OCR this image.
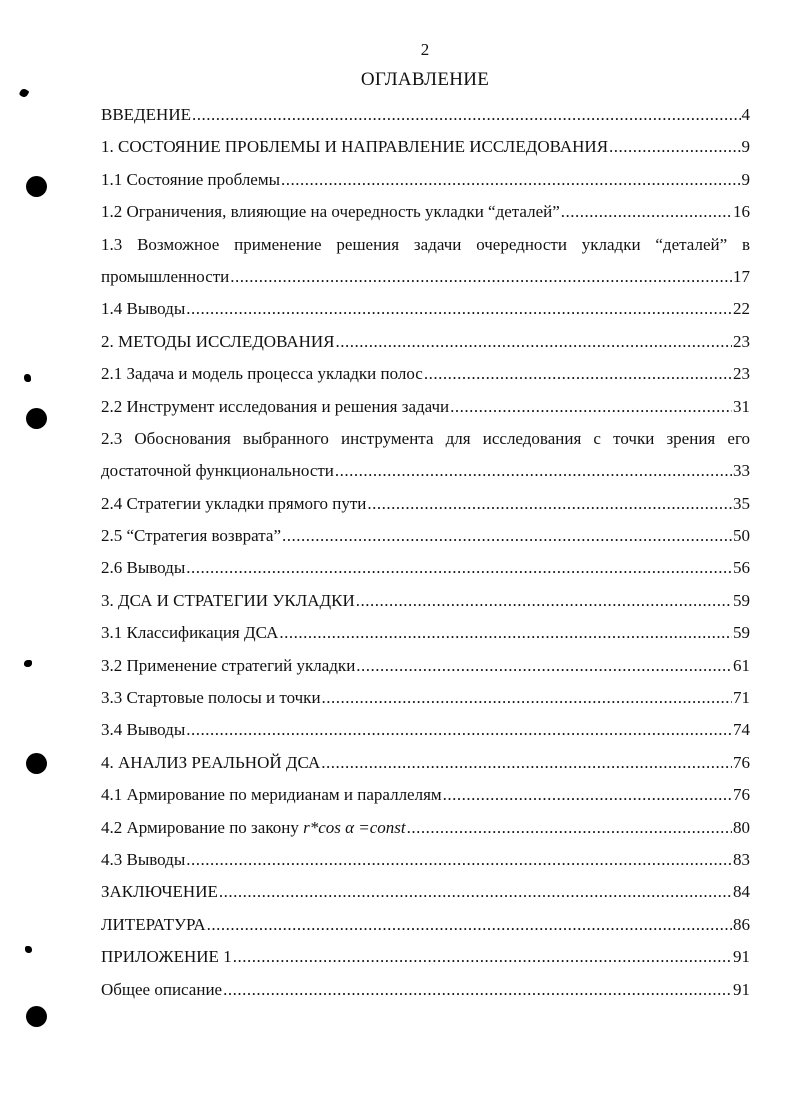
2
ОГЛАВЛЕНИЕ
ВВЕДЕНИЕ .....	4
1. СОСТОЯНИЕ ПРОБЛЕМЫ И НАПРАВЛЕНИЕ ИССЛЕДОВАНИЯ .....	9
1.1 Состояние проблемы .....	9
1.2 Ограничения, влияющие на очередность укладки “деталей” .....	16
1.3 Возможное применение решения задачи очередности укладки “деталей” в
промышленности .....	17
1.4 Выводы .....	22
2. МЕТОДЫ ИССЛЕДОВАНИЯ .....	23
2.1 Задача и модель процесса укладки полос .....	23
2.2 Инструмент исследования и решения задачи .....	31
2.3 Обоснования выбранного инструмента для исследования с точки зрения его
достаточной функциональности .....	33
2.4 Стратегии укладки прямого пути .....	35
2.5 “Стратегия возврата” .....	50
2.6 Выводы .....	56
3. ДСА И СТРАТЕГИИ УКЛАДКИ .....	59
3.1 Классификация ДСА .....	59
3.2 Применение стратегий укладки .....	61
3.3 Стартовые полосы и точки .....	71
3.4 Выводы .....	74
4. АНАЛИЗ РЕАЛЬНОЙ ДСА .....	76
4.1 Армирование по меридианам и параллелям .....	76
4.2 Армирование по закону r*cos α =const .....	80
4.3 Выводы .....	83
ЗАКЛЮЧЕНИЕ .....	84
ЛИТЕРАТУРА .....	86
ПРИЛОЖЕНИЕ 1 .....	91
Общее описание .....	91
